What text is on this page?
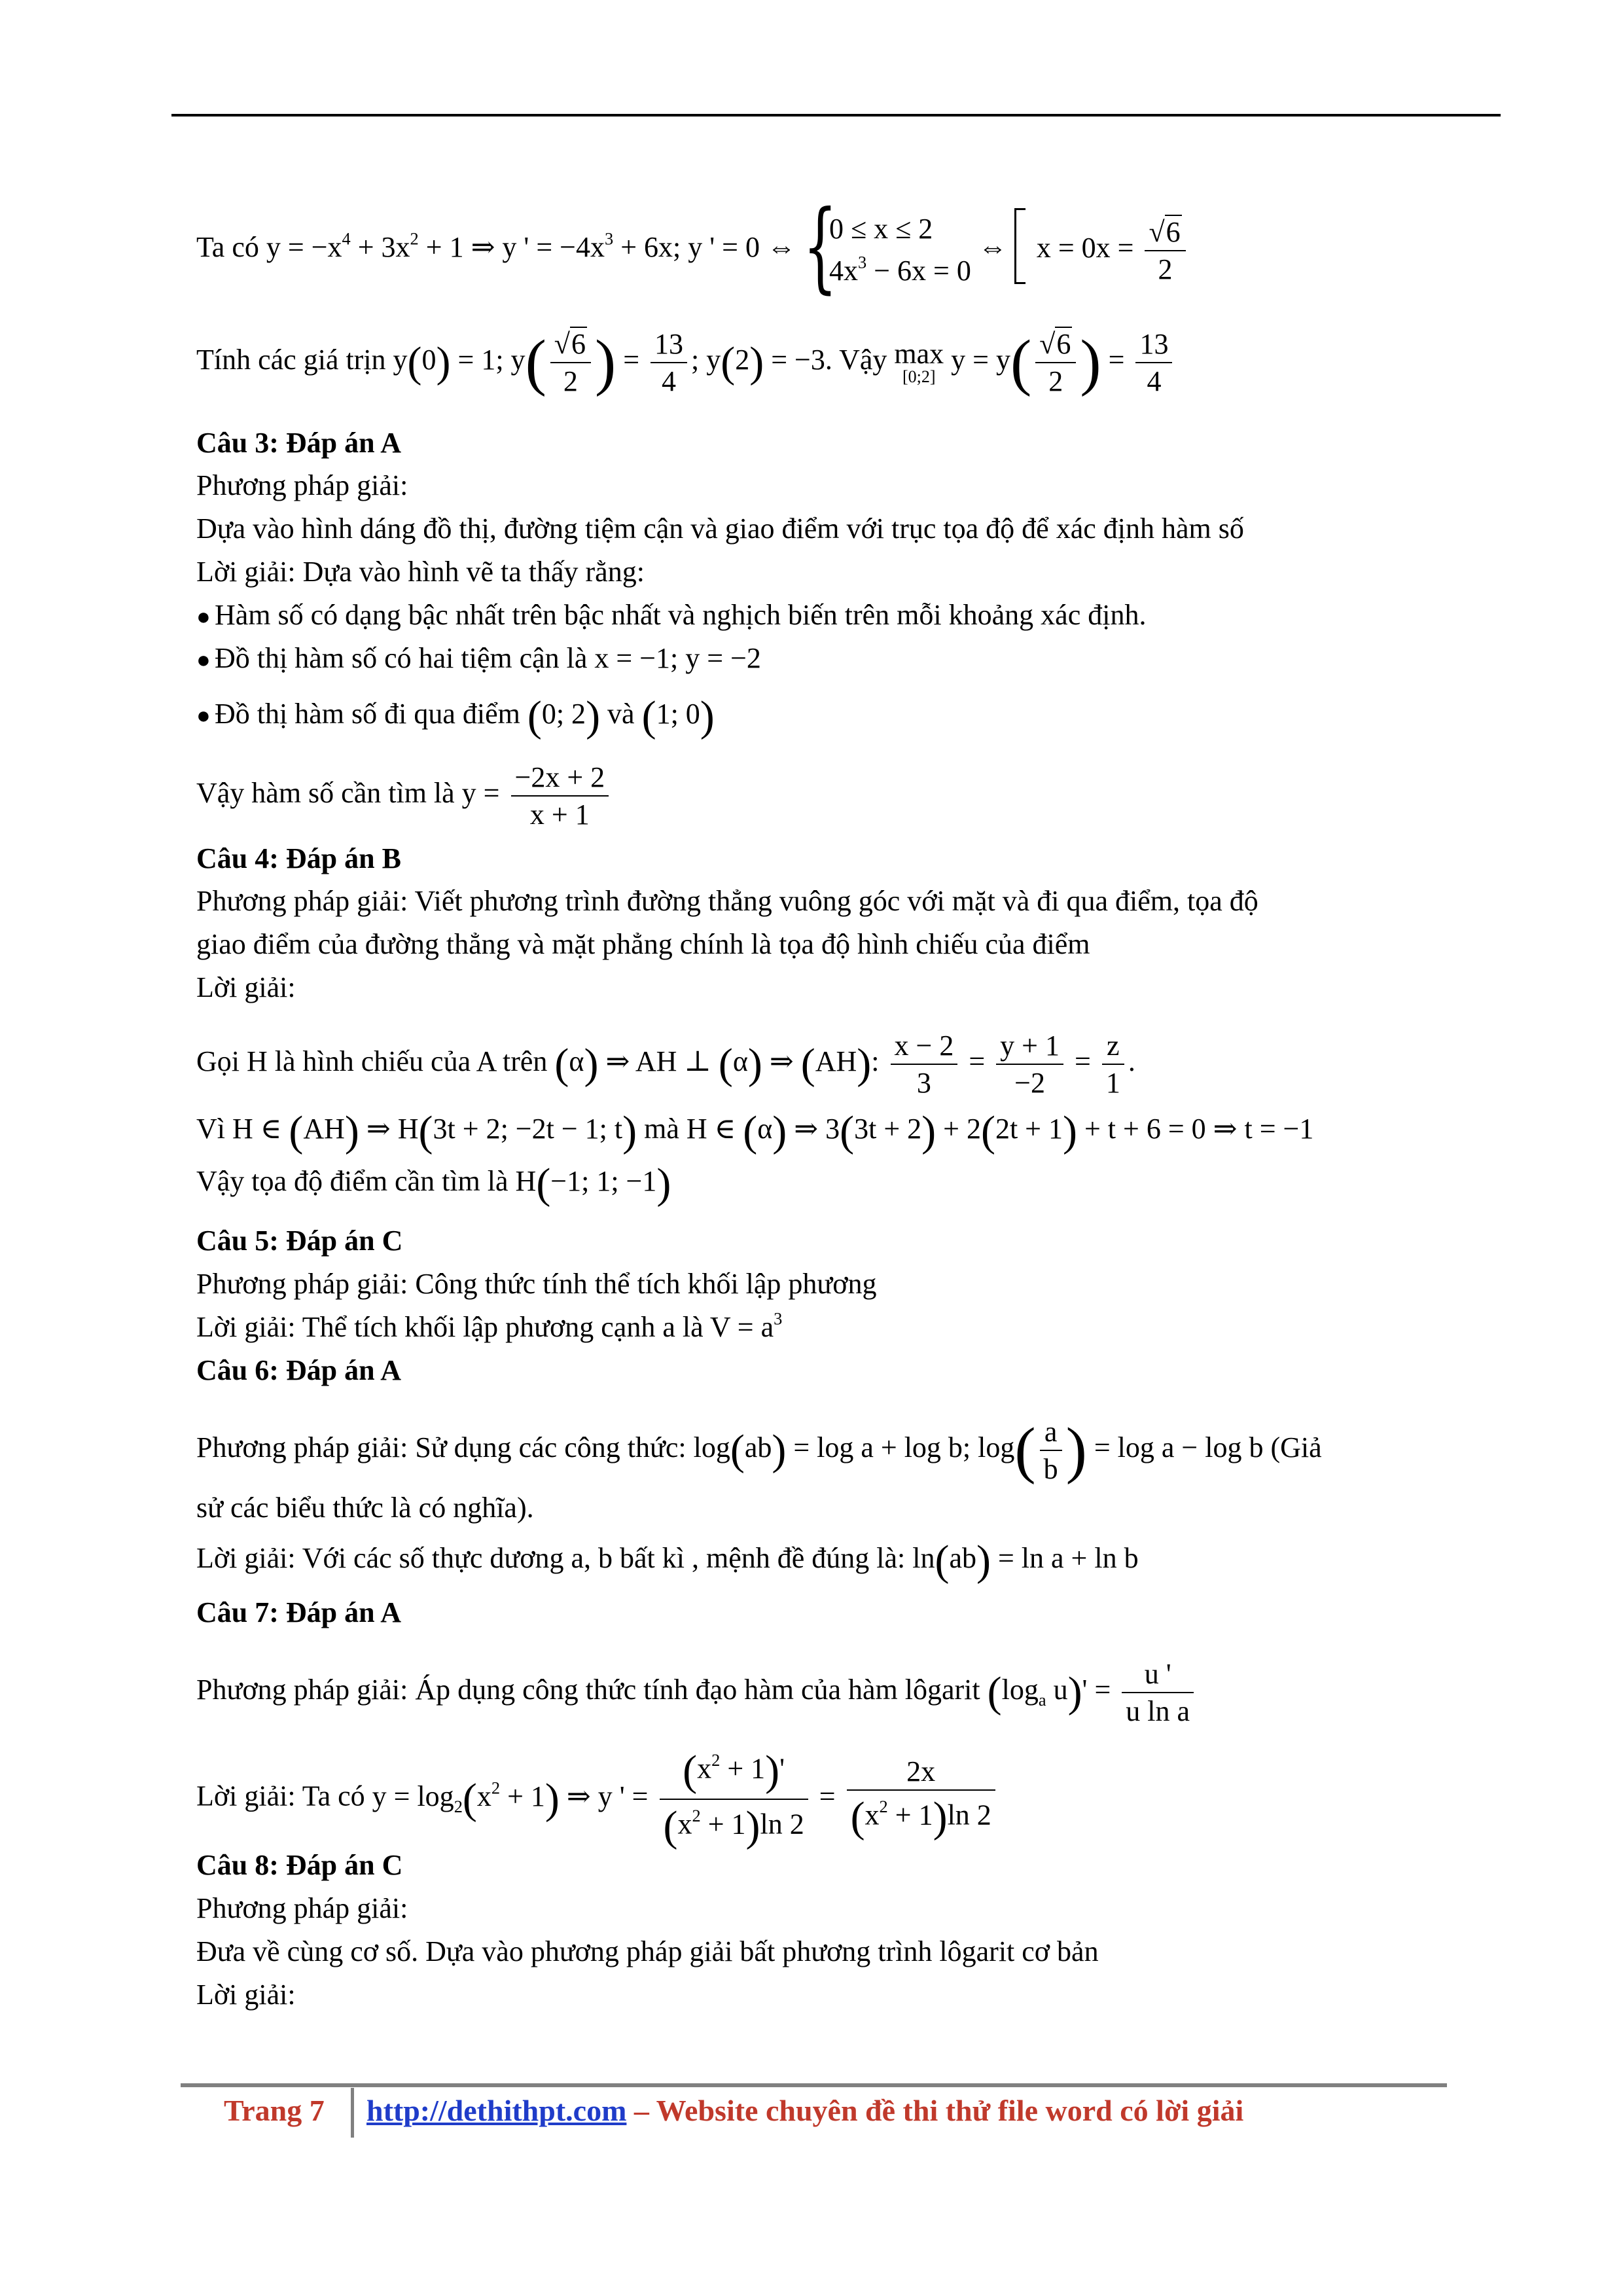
Ta có $y = -x^4 + 3x^2 + 1$ ⇒ y ' = $-4x^3 + 6x$; y ' = 0 ⇔ {
0 ≤ x ≤ 2
$4x^3 - 6x = 0$
⇔ $x = 0x = \frac{√6}{2}$
Tính các giá trịn y(0) = 1; $y( \frac{√6}{2}$ ) = $\frac{13}{4}$ ; y(2) = −3. Vậy max
[0;2]
$y = y( \frac{√6}{2}$ ) = $\frac{13}{4}$
Câu 3: Đáp án A
Phương pháp giải:
Dựa vào hình dáng đồ thị, đường tiệm cận và giao điểm với trục tọa độ để xác định hàm số
Lời giải: Dựa vào hình vẽ ta thấy rằng:
● Hàm số có dạng bậc nhất trên bậc nhất và nghịch biến trên mỗi khoảng xác định.
● Đồ thị hàm số có hai tiệm cận là x = −1; y = −2
● Đồ thị hàm số đi qua điểm (0; 2) và (1; 0)
Vậy hàm số cần tìm là $y = \frac{-2x + 2}{x + 1}$
Câu 4: Đáp án B
Phương pháp giải: Viết phương trình đường thẳng vuông góc với mặt và đi qua điểm, tọa độ
giao điểm của đường thẳng và mặt phẳng chính là tọa độ hình chiếu của điểm
Lời giải:
Gọi H là hình chiếu của A trên (α) ⇒ AH ⊥ (α) ⇒ (AH): $\frac{x - 2}{3} = \frac{y + 1}{-2} = \frac{z}{1}$ .
Vì H ∈ (AH) ⇒ H(3t + 2; −2t − 1; t) mà H ∈ (α) ⇒ 3(3t + 2) + 2(2t + 1) + t + 6 = 0 ⇒ t = −1
Vậy tọa độ điểm cần tìm là H(−1; 1; −1)
Câu 5: Đáp án C
Phương pháp giải: Công thức tính thể tích khối lập phương
Lời giải: Thể tích khối lập phương cạnh a là $V = a^3$
Câu 6: Đáp án A
Phương pháp giải: Sử dụng các công thức: log(ab) = log a + log b; $\log( \frac{a}{b}$ ) = log a − log b (Giả
sử các biểu thức là có nghĩa).
Lời giải: Với các số thực dương a, b bất kì , mệnh đề đúng là: ln(ab) = ln a + ln b
Câu 7: Đáp án A
Phương pháp giải: Áp dụng công thức tính đạo hàm của hàm lôgarit ($\log_a$ $u)' = \frac{u '}{\text{u ln a}}$
Lời giải: Ta có $y = \log_2(x^2 + 1)$ ⇒ y ' = $\frac{(x^2 + 1)'}{(x^2 + 1)\ln 2} = \frac{2x}{(x^2 + 1)\ln 2}$
Câu 8: Đáp án C
Phương pháp giải:
Đưa về cùng cơ số. Dựa vào phương pháp giải bất phương trình lôgarit cơ bản
Lời giải:
Trang 7 http://dethithpt.com – Website chuyên đề thi thử file word có lời giải
